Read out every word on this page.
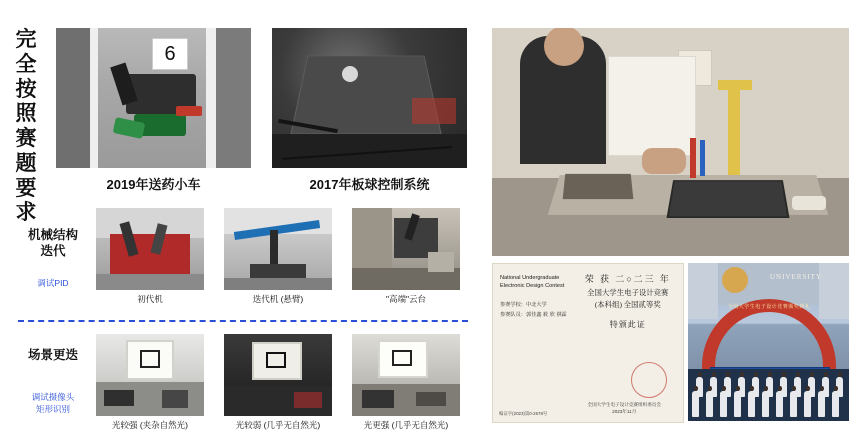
完全按照赛题要求
6
2019年送药小车	2017年板球控制系统
机械结构迭代
调试PID
初代机	迭代机 (悬臂)	"高端"云台
场景更迭
调试摄像头
矩形识别
光较强 (夹杂自然光)	光较弱 (几乎无自然光)	光更强 (几乎无自然光)
National Undergraduate
Electronic Design Contest
参赛学校：中北大学
参赛队员：郭佳鑫 筱 欣 祺霖
荣 获 二○二三 年
全国大学生电子设计竞赛
(本科组) 全国贰等奖
特颁此证
编证字(2023)第0-2678号
全国大学生电子设计竞赛组织委员会
2023年11月
UNIVERSITY
全国大学生电子设计竞赛颁奖典礼
